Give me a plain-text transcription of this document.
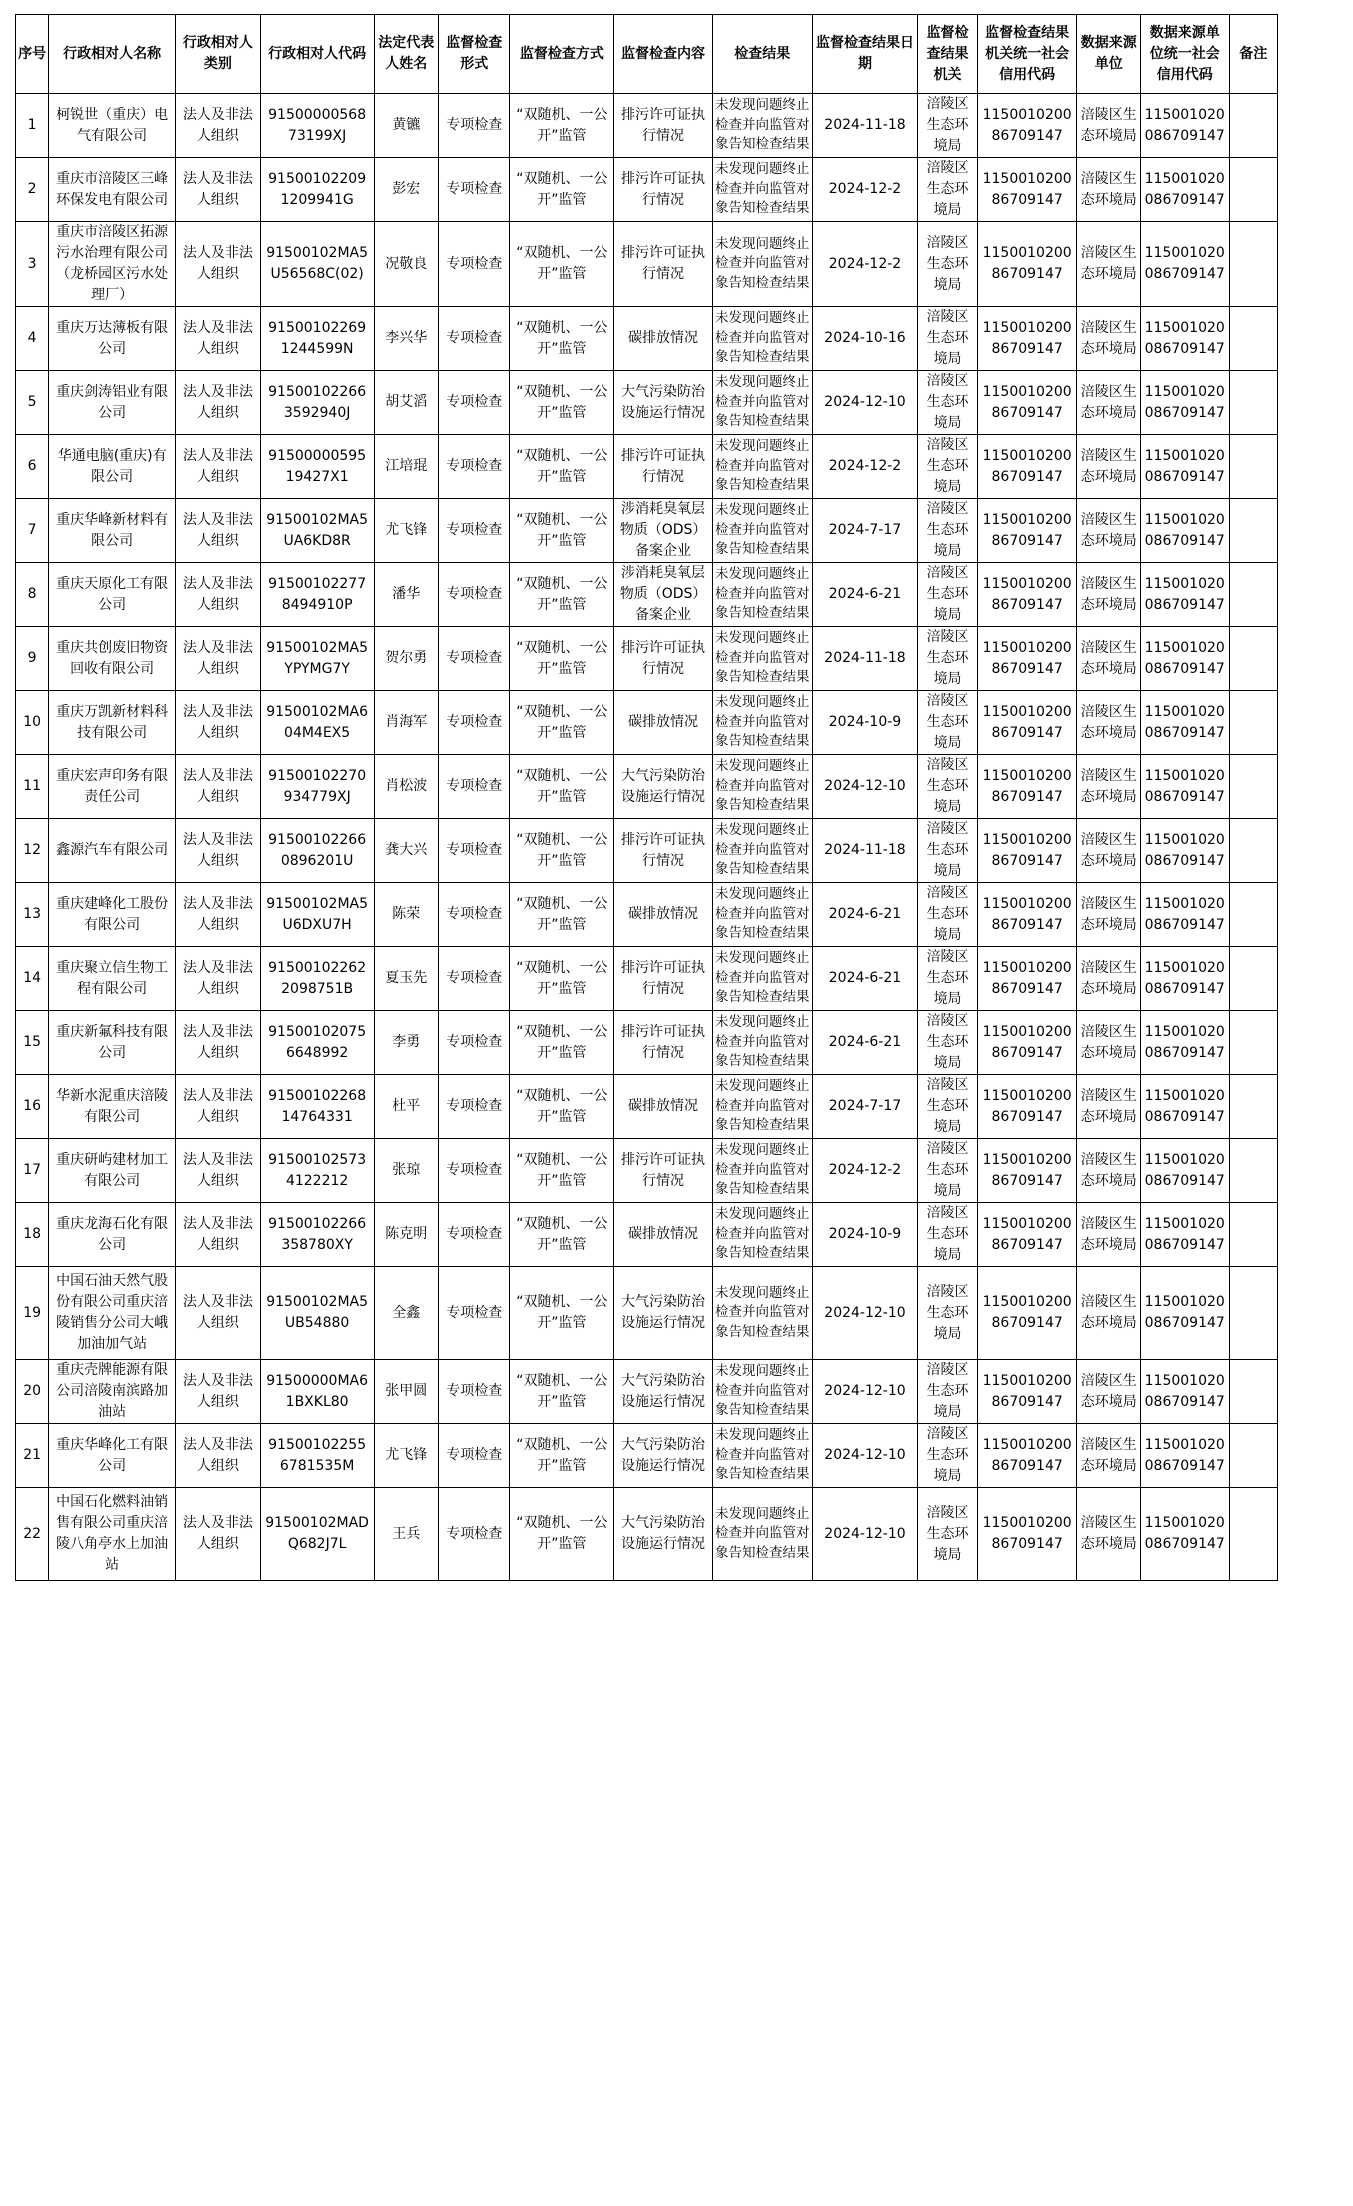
序号	行政相对人名称	行政相对人类别	行政相对人代码	法定代表人姓名	监督检查形式	监督检查方式	监督检查内容	检查结果	监督检查结果日期	监督检查结果机关	监督检查结果机关统一社会信用代码	数据来源单位	数据来源单位统一社会信用代码	备注
1	柯锐世（重庆）电气有限公司	法人及非法人组织	9150000056873199XJ	黄镳	专项检查	“双随机、一公开”监管	排污许可证执行情况	未发现问题终止检查并向监管对象告知检查结果	2024-11-18	涪陵区生态环境局	115001020086709147	涪陵区生态环境局	115001020086709147	
2	重庆市涪陵区三峰环保发电有限公司	法人及非法人组织	915001022091209941G	彭宏	专项检查	“双随机、一公开”监管	排污许可证执行情况	未发现问题终止检查并向监管对象告知检查结果	2024-12-2	涪陵区生态环境局	115001020086709147	涪陵区生态环境局	115001020086709147	
3	重庆市涪陵区拓源污水治理有限公司（龙桥园区污水处理厂）	法人及非法人组织	91500102MA5U56568C(02)	况敬良	专项检查	“双随机、一公开”监管	排污许可证执行情况	未发现问题终止检查并向监管对象告知检查结果	2024-12-2	涪陵区生态环境局	115001020086709147	涪陵区生态环境局	115001020086709147	
4	重庆万达薄板有限公司	法人及非法人组织	915001022691244599N	李兴华	专项检查	“双随机、一公开”监管	碳排放情况	未发现问题终止检查并向监管对象告知检查结果	2024-10-16	涪陵区生态环境局	115001020086709147	涪陵区生态环境局	115001020086709147	
5	重庆剑涛铝业有限公司	法人及非法人组织	915001022663592940J	胡艾滔	专项检查	“双随机、一公开”监管	大气污染防治设施运行情况	未发现问题终止检查并向监管对象告知检查结果	2024-12-10	涪陵区生态环境局	115001020086709147	涪陵区生态环境局	115001020086709147	
6	华通电脑(重庆)有限公司	法人及非法人组织	9150000059519427X1	江培琨	专项检查	“双随机、一公开”监管	排污许可证执行情况	未发现问题终止检查并向监管对象告知检查结果	2024-12-2	涪陵区生态环境局	115001020086709147	涪陵区生态环境局	115001020086709147	
7	重庆华峰新材料有限公司	法人及非法人组织	91500102MA5UA6KD8R	尤飞锋	专项检查	“双随机、一公开”监管	涉消耗臭氧层物质（ODS）备案企业	未发现问题终止检查并向监管对象告知检查结果	2024-7-17	涪陵区生态环境局	115001020086709147	涪陵区生态环境局	115001020086709147	
8	重庆天原化工有限公司	法人及非法人组织	915001022778494910P	潘华	专项检查	“双随机、一公开”监管	涉消耗臭氧层物质（ODS）备案企业	未发现问题终止检查并向监管对象告知检查结果	2024-6-21	涪陵区生态环境局	115001020086709147	涪陵区生态环境局	115001020086709147	
9	重庆共创废旧物资回收有限公司	法人及非法人组织	91500102MA5YPYMG7Y	贺尔勇	专项检查	“双随机、一公开”监管	排污许可证执行情况	未发现问题终止检查并向监管对象告知检查结果	2024-11-18	涪陵区生态环境局	115001020086709147	涪陵区生态环境局	115001020086709147	
10	重庆万凯新材料科技有限公司	法人及非法人组织	91500102MA604M4EX5	肖海军	专项检查	“双随机、一公开”监管	碳排放情况	未发现问题终止检查并向监管对象告知检查结果	2024-10-9	涪陵区生态环境局	115001020086709147	涪陵区生态环境局	115001020086709147	
11	重庆宏声印务有限责任公司	法人及非法人组织	91500102270934779XJ	肖松波	专项检查	“双随机、一公开”监管	大气污染防治设施运行情况	未发现问题终止检查并向监管对象告知检查结果	2024-12-10	涪陵区生态环境局	115001020086709147	涪陵区生态环境局	115001020086709147	
12	鑫源汽车有限公司	法人及非法人组织	915001022660896201U	龚大兴	专项检查	“双随机、一公开”监管	排污许可证执行情况	未发现问题终止检查并向监管对象告知检查结果	2024-11-18	涪陵区生态环境局	115001020086709147	涪陵区生态环境局	115001020086709147	
13	重庆建峰化工股份有限公司	法人及非法人组织	91500102MA5U6DXU7H	陈荣	专项检查	“双随机、一公开”监管	碳排放情况	未发现问题终止检查并向监管对象告知检查结果	2024-6-21	涪陵区生态环境局	115001020086709147	涪陵区生态环境局	115001020086709147	
14	重庆聚立信生物工程有限公司	法人及非法人组织	915001022622098751B	夏玉先	专项检查	“双随机、一公开”监管	排污许可证执行情况	未发现问题终止检查并向监管对象告知检查结果	2024-6-21	涪陵区生态环境局	115001020086709147	涪陵区生态环境局	115001020086709147	
15	重庆新氟科技有限公司	法人及非法人组织	915001020756648992	李勇	专项检查	“双随机、一公开”监管	排污许可证执行情况	未发现问题终止检查并向监管对象告知检查结果	2024-6-21	涪陵区生态环境局	115001020086709147	涪陵区生态环境局	115001020086709147	
16	华新水泥重庆涪陵有限公司	法人及非法人组织	9150010226814764331	杜平	专项检查	“双随机、一公开”监管	碳排放情况	未发现问题终止检查并向监管对象告知检查结果	2024-7-17	涪陵区生态环境局	115001020086709147	涪陵区生态环境局	115001020086709147	
17	重庆研屿建材加工有限公司	法人及非法人组织	915001025734122212	张琼	专项检查	“双随机、一公开”监管	排污许可证执行情况	未发现问题终止检查并向监管对象告知检查结果	2024-12-2	涪陵区生态环境局	115001020086709147	涪陵区生态环境局	115001020086709147	
18	重庆龙海石化有限公司	法人及非法人组织	91500102266358780XY	陈克明	专项检查	“双随机、一公开”监管	碳排放情况	未发现问题终止检查并向监管对象告知检查结果	2024-10-9	涪陵区生态环境局	115001020086709147	涪陵区生态环境局	115001020086709147	
19	中国石油天然气股份有限公司重庆涪陵销售分公司大峨加油加气站	法人及非法人组织	91500102MA5UB54880	全鑫	专项检查	“双随机、一公开”监管	大气污染防治设施运行情况	未发现问题终止检查并向监管对象告知检查结果	2024-12-10	涪陵区生态环境局	115001020086709147	涪陵区生态环境局	115001020086709147	
20	重庆壳牌能源有限公司涪陵南滨路加油站	法人及非法人组织	91500000MA61BXKL80	张甲圆	专项检查	“双随机、一公开”监管	大气污染防治设施运行情况	未发现问题终止检查并向监管对象告知检查结果	2024-12-10	涪陵区生态环境局	115001020086709147	涪陵区生态环境局	115001020086709147	
21	重庆华峰化工有限公司	法人及非法人组织	915001022556781535M	尤飞锋	专项检查	“双随机、一公开”监管	大气污染防治设施运行情况	未发现问题终止检查并向监管对象告知检查结果	2024-12-10	涪陵区生态环境局	115001020086709147	涪陵区生态环境局	115001020086709147	
22	中国石化燃料油销售有限公司重庆涪陵八角亭水上加油站	法人及非法人组织	91500102MADQ682J7L	王兵	专项检查	“双随机、一公开”监管	大气污染防治设施运行情况	未发现问题终止检查并向监管对象告知检查结果	2024-12-10	涪陵区生态环境局	115001020086709147	涪陵区生态环境局	115001020086709147	
